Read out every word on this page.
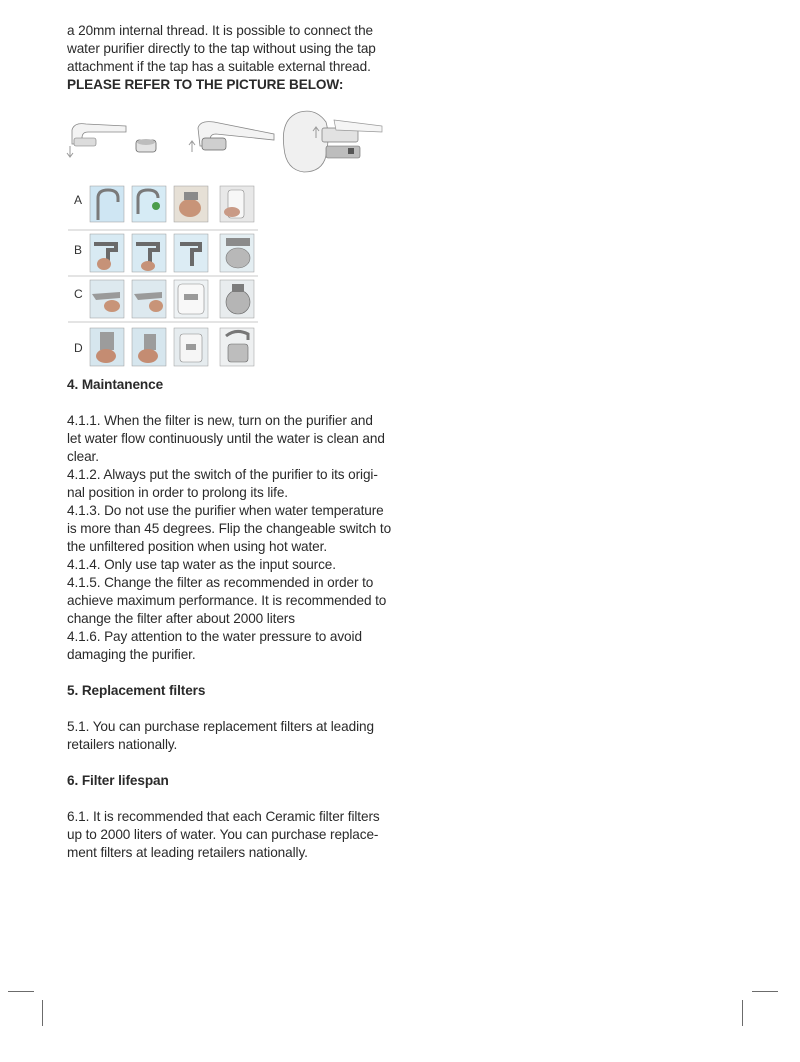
a 20mm internal thread. It is possible to connect the

water purifier directly to the tap without using the tap

attachment if the tap has a suitable external thread.

PLEASE REFER TO THE PICTURE BELOW:

4. Maintanence

4.1.1. When the filter is new, turn on the purifier and

let water flow continuously until the water is clean and

clear.

4.1.2. Always put the switch of the purifier to its origi-

nal position in order to prolong its life.

4.1.3. Do not use the purifier when water temperature

is more than 45 degrees. Flip the changeable switch to

the unfiltered position when using hot water.

4.1.4. Only use tap water as the input source.

4.1.5. Change the filter as recommended in order to

achieve maximum performance. It is recommended to

change the filter after about 2000 liters

4.1.6. Pay attention to the water pressure to avoid

damaging the purifier.

5. Replacement filters

5.1. You can purchase replacement filters at leading

retailers nationally.

6. Filter lifespan

6.1. It is recommended that each Ceramic filter filters

up to 2000 liters of water. You can purchase replace-

ment filters at leading retailers nationally.

A
B
C
D
